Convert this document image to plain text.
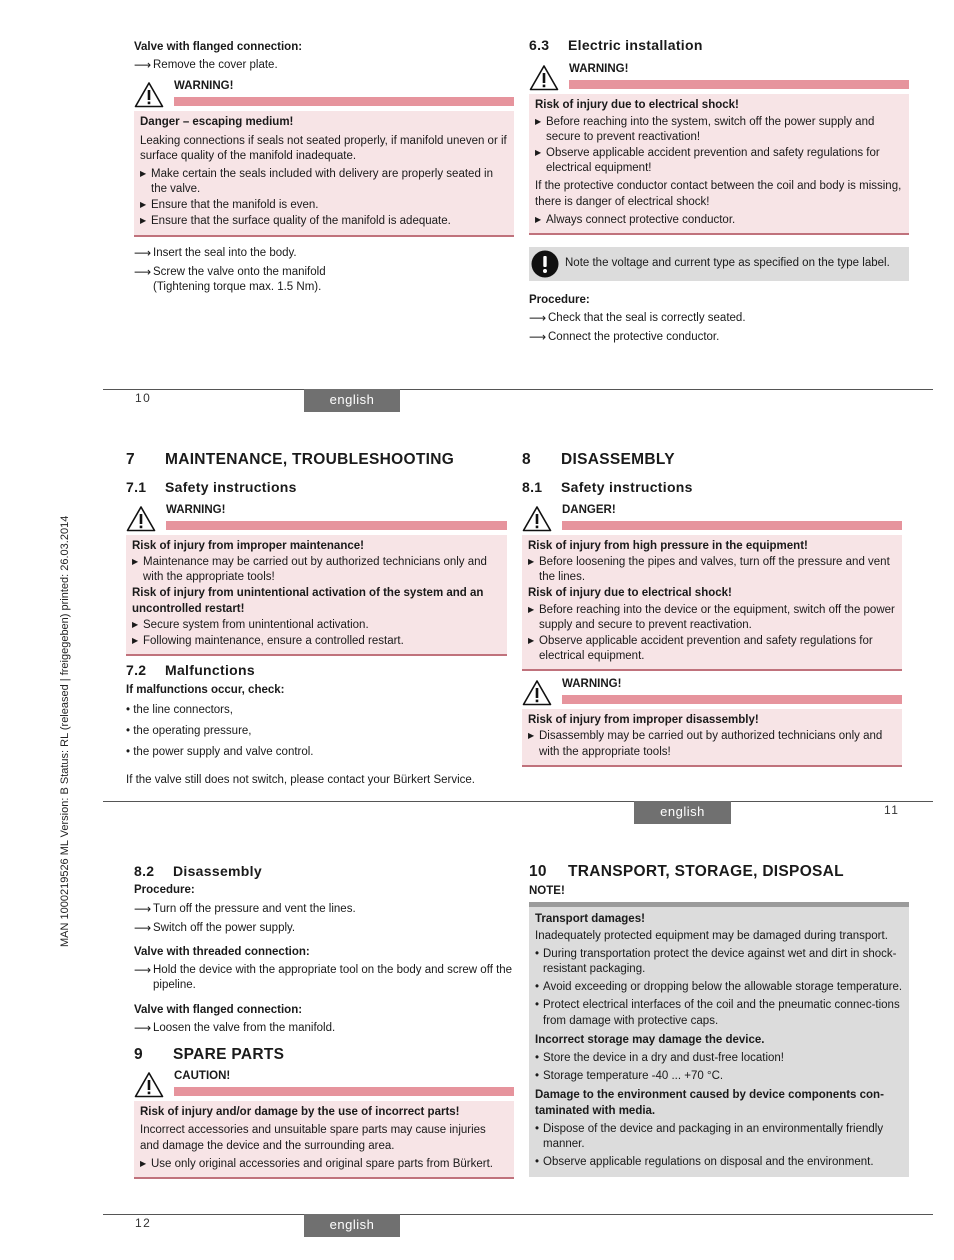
MAN 1000219526 ML Version: B Status: RL (released | freigegeben) printed: 26.03.2014
Valve with flanged connection:
⟶ Remove the cover plate.
WARNING!
Danger – escaping medium!
Leaking connections if seals not seated properly, if manifold uneven or if surface quality of the manifold inadequate.
▶ Make certain the seals included with delivery are properly seated in the valve.
▶ Ensure that the manifold is even.
▶ Ensure that the surface quality of the manifold is adequate.
⟶ Insert the seal into the body.
⟶ Screw the valve onto the manifold (Tightening torque max. 1.5 Nm).
6.3 Electric installation
WARNING!
Risk of injury due to electrical shock!
▶ Before reaching into the system, switch off the power supply and secure to prevent reactivation!
▶ Observe applicable accident prevention and safety regulations for electrical equipment!
If the protective conductor contact between the coil and body is missing, there is danger of electrical shock!
▶ Always connect protective conductor.
Note the voltage and current type as specified on the type label.
Procedure:
⟶ Check that the seal is correctly seated.
⟶ Connect the protective conductor.
10	english
7 MAINTENANCE, TROUBLESHOOTING
7.1 Safety instructions
WARNING!
Risk of injury from improper maintenance!
▶ Maintenance may be carried out by authorized technicians only and with the appropriate tools!
Risk of injury from unintentional activation of the system and an uncontrolled restart!
▶ Secure system from unintentional activation.
▶ Following maintenance, ensure a controlled restart.
7.2 Malfunctions
If malfunctions occur, check:
• the line connectors,
• the operating pressure,
• the power supply and valve control.
If the valve still does not switch, please contact your Bürkert Service.
8 DISASSEMBLY
8.1 Safety instructions
DANGER!
Risk of injury from high pressure in the equipment!
▶ Before loosening the pipes and valves, turn off the pressure and vent the lines.
Risk of injury due to electrical shock!
▶ Before reaching into the device or the equipment, switch off the power supply and secure to prevent reactivation.
▶ Observe applicable accident prevention and safety regulations for electrical equipment.
WARNING!
Risk of injury from improper disassembly!
▶ Disassembly may be carried out by authorized technicians only and with the appropriate tools!
english	11
8.2 Disassembly
Procedure:
⟶ Turn off the pressure and vent the lines.
⟶ Switch off the power supply.
Valve with threaded connection:
⟶ Hold the device with the appropriate tool on the body and screw off the pipeline.
Valve with flanged connection:
⟶ Loosen the valve from the manifold.
9 SPARE PARTS
CAUTION!
Risk of injury and/or damage by the use of incorrect parts!
Incorrect accessories and unsuitable spare parts may cause injuries and damage the device and the surrounding area.
▶ Use only original accessories and original spare parts from Bürkert.
10 TRANSPORT, STORAGE, DISPOSAL
NOTE!
Transport damages!
Inadequately protected equipment may be damaged during transport.
• During transportation protect the device against wet and dirt in shock-resistant packaging.
• Avoid exceeding or dropping below the allowable storage temperature.
• Protect electrical interfaces of the coil and the pneumatic connec-tions from damage with protective caps.
Incorrect storage may damage the device.
• Store the device in a dry and dust-free location!
• Storage temperature -40 ... +70 °C.
Damage to the environment caused by device components con-taminated with media.
• Dispose of the device and packaging in an environmentally friendly manner.
• Observe applicable regulations on disposal and the environment.
12	english
